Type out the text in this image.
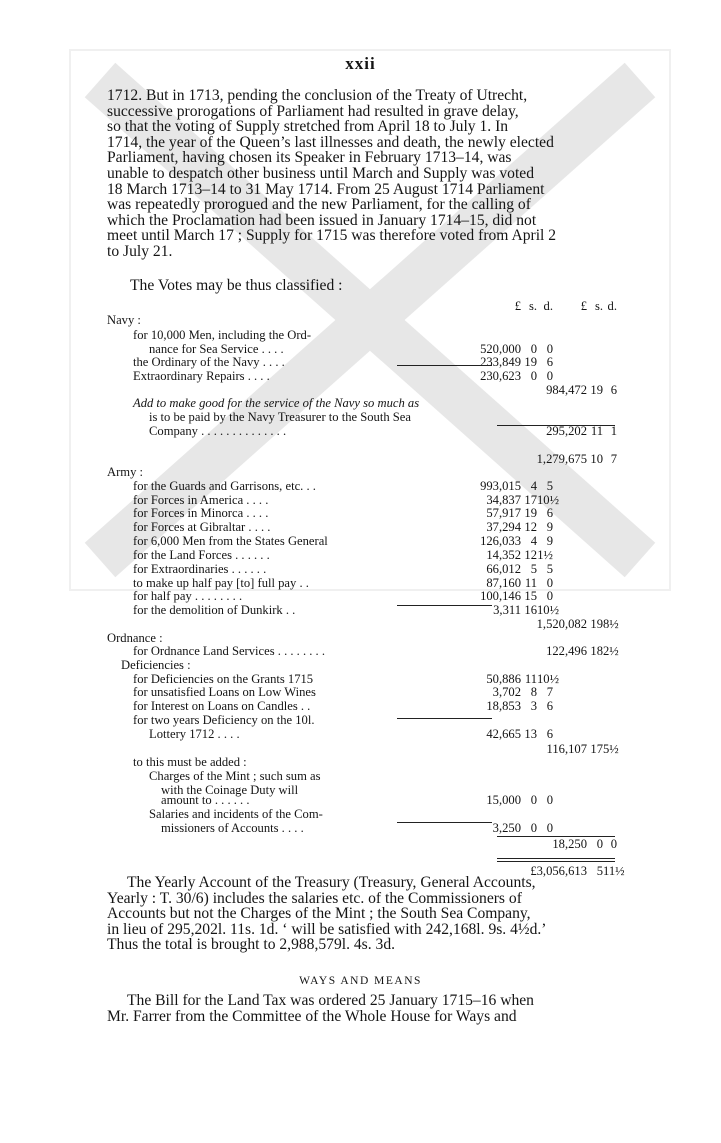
xxii

1712. But in 1713, pending the conclusion of the Treaty of Utrecht,

successive prorogations of Parliament had resulted in grave delay,

so that the voting of Supply stretched from April 18 to July 1. In

1714, the year of the Queen’s last illnesses and death, the newly elected

Parliament, having chosen its Speaker in February 1713–14, was

unable to despatch other business until March and Supply was voted

18 March 1713–14 to 31 May 1714. From 25 August 1714 Parliament

was repeatedly prorogued and the new Parliament, for the calling of

which the Proclamation had been issued in January 1714–15, did not

meet until March 17 ; Supply for 1715 was therefore voted from April 2

to July 21.

The Votes may be thus classified :
£ s. d.	£ s. d.
Navy :
for 10,000 Men, including the Ord-
nance for Sea Service . . . .	520,000 0 0
the Ordinary of the Navy . . . .	233,849 19 6
Extraordinary Repairs . . . .	230,623 0 0
984,472 19 6
Add to make good for the service of the Navy so much as
is to be paid by the Navy Treasurer to the South Sea
Company . . . . . . . . . . . . . .	295,202 11 1
1,279,675 10 7
Army :
for the Guards and Garrisons, etc. . .	993,015 4 5
for Forces in America . . . .	34,837 17 10½
for Forces in Minorca . . . .	57,917 19 6
for Forces at Gibraltar . . . .	37,294 12 9
for 6,000 Men from the States General	126,033 4 9
for the Land Forces . . . . . .	14,352 12 1½
for Extraordinaries . . . . . .	66,012 5 5
to make up half pay [to] full pay . .	87,160 11 0
for half pay . . . . . . . .	100,146 15 0
for the demolition of Dunkirk . .	3,311 16 10½
1,520,082 19 8½
Ordnance :
for Ordnance Land Services . . . . . . . .	122,496 18 2½
Deficiencies :
for Deficiencies on the Grants 1715	50,886 11 10½
for unsatisfied Loans on Low Wines	3,702 8 7
for Interest on Loans on Candles . .	18,853 3 6
for two years Deficiency on the 10l.
Lottery 1712 . . . .	42,665 13 6
116,107 17 5½
to this must be added :
Charges of the Mint ; such sum as
with the Coinage Duty will
amount to . . . . . .	15,000 0 0
Salaries and incidents of the Com-
missioners of Accounts . . . .	3,250 0 0
18,250 0 0
£3,056,613 5 11½

The Yearly Account of the Treasury (Treasury, General Accounts,

Yearly : T. 30/6) includes the salaries etc. of the Commissioners of

Accounts but not the Charges of the Mint ; the South Sea Company,

in lieu of 295,202l. 11s. 1d. ‘ will be satisfied with 242,168l. 9s. 4½d.’

Thus the total is brought to 2,988,579l. 4s. 3d.

WAYS AND MEANS

The Bill for the Land Tax was ordered 25 January 1715–16 when

Mr. Farrer from the Committee of the Whole House for Ways and
